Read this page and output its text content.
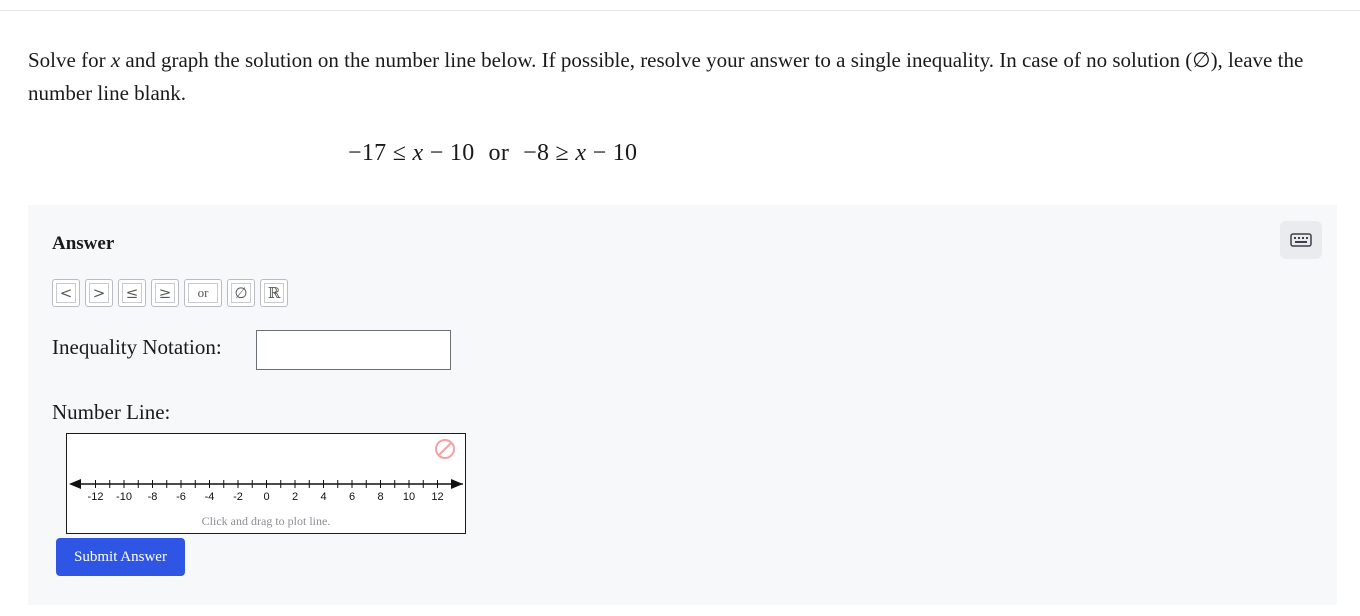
Solve for x and graph the solution on the number line below. If possible, resolve your answer to a single inequality. In case of no solution (∅), leave the number line blank.
−17 ≤ x − 10 or −8 ≥ x − 10
Answer
< > ≤ ≥	or	∅ ℝ
Inequality Notation:
Number Line:
-12 -10 -8 -6 -4 -2 0 2 4 6 8 10 12
Click and drag to plot line.
Submit Answer
